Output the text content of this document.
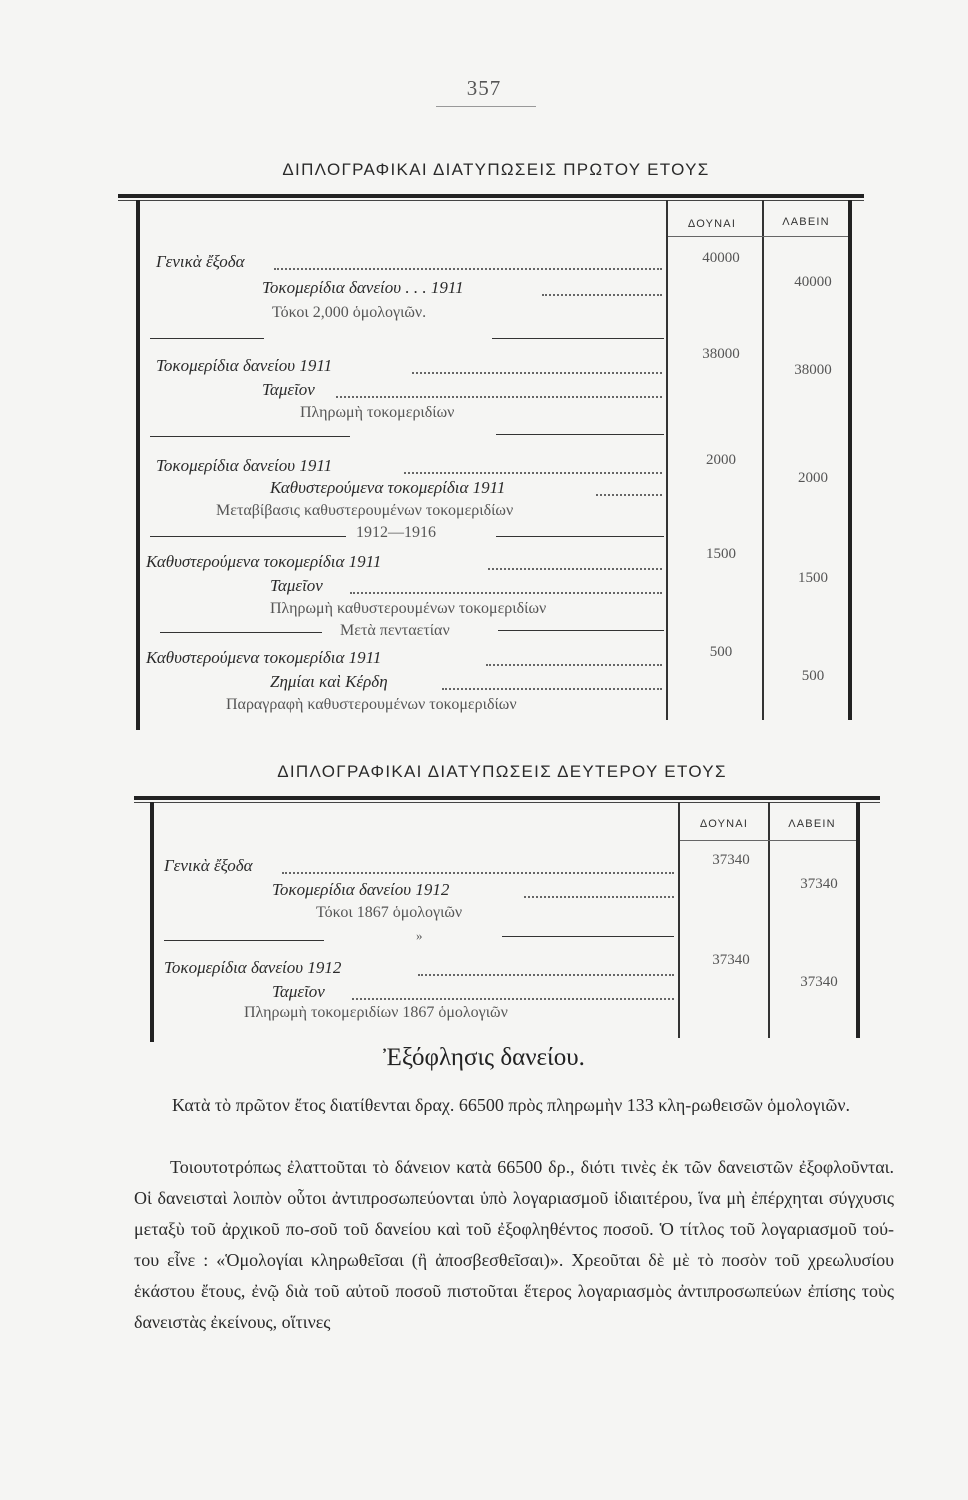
357
ΔΙΠΛΟΓΡΑΦΙΚΑΙ ΔΙΑΤΥΠΩΣΕΙΣ ΠΡΩΤΟΥ ΕΤΟΥΣ
ΔΟΥΝΑΙ	ΛΑΒΕΙΝ
Γενικὰ ἔξοδα
Τοκομερίδια δανείου . . . 1911
Τόκοι 2,000 ὁμολογιῶν.
40000
40000
Τοκομερίδια δανείου 1911
Ταμεῖον
Πληρωμὴ τοκομεριδίων
38000
38000
Τοκομερίδια δανείου 1911
Καθυστερούμενα τοκομερίδια 1911
Μεταβίβασις καθυστερουμένων τοκομεριδίων
1912—1916
2000
2000
Καθυστερούμενα τοκομερίδια 1911
Ταμεῖον
Πληρωμὴ καθυστερουμένων τοκομεριδίων
Μετὰ πενταετίαν
1500
1500
Καθυστερούμενα τοκομερίδια 1911
Ζημίαι καὶ Κέρδη
Παραγραφὴ καθυστερουμένων τοκομεριδίων
500
500
ΔΙΠΛΟΓΡΑΦΙΚΑΙ ΔΙΑΤΥΠΩΣΕΙΣ ΔΕΥΤΕΡΟΥ ΕΤΟΥΣ
ΔΟΥΝΑΙ	ΛΑΒΕΙΝ
Γενικὰ ἔξοδα
Τοκομερίδια δανείου 1912
Τόκοι 1867 ὁμολογιῶν
37340
37340
»
Τοκομερίδια δανείου 1912
Ταμεῖον
Πληρωμὴ τοκομεριδίων 1867 ὁμολογιῶν
37340
37340
Ἐξόφλησις δανείου.
Κατὰ τὸ πρῶτον ἔτος διατίθενται δραχ. 66500 πρὸς πληρωμὴν 133 κλη-ρωθεισῶν ὁμολογιῶν.
Τοιουτοτρόπως ἐλαττοῦται τὸ δάνειον κατὰ 66500 δρ., διότι τινὲς ἐκ τῶν δανειστῶν ἐξοφλοῦνται. Οἱ δανεισταὶ λοιπὸν οὗτοι ἀντιπροσωπεύονται ὑπὸ λογαριασμοῦ ἰδιαιτέρου, ἵνα μὴ ἐπέρχηται σύγχυσις μεταξὺ τοῦ ἀρχικοῦ πο-σοῦ τοῦ δανείου καὶ τοῦ ἐξοφληθέντος ποσοῦ. Ὁ τίτλος τοῦ λογαριασμοῦ τού-του εἶνε : «Ὁμολογίαι κληρωθεῖσαι (ἢ ἀποσβεσθεῖσαι)». Χρεοῦται δὲ μὲ τὸ ποσὸν τοῦ χρεωλυσίου ἑκάστου ἔτους, ἐνῷ διὰ τοῦ αὐτοῦ ποσοῦ πιστοῦται ἕτερος λογαριασμὸς ἀντιπροσωπεύων ἐπίσης τοὺς δανειστὰς ἐκείνους, οἵτινες
